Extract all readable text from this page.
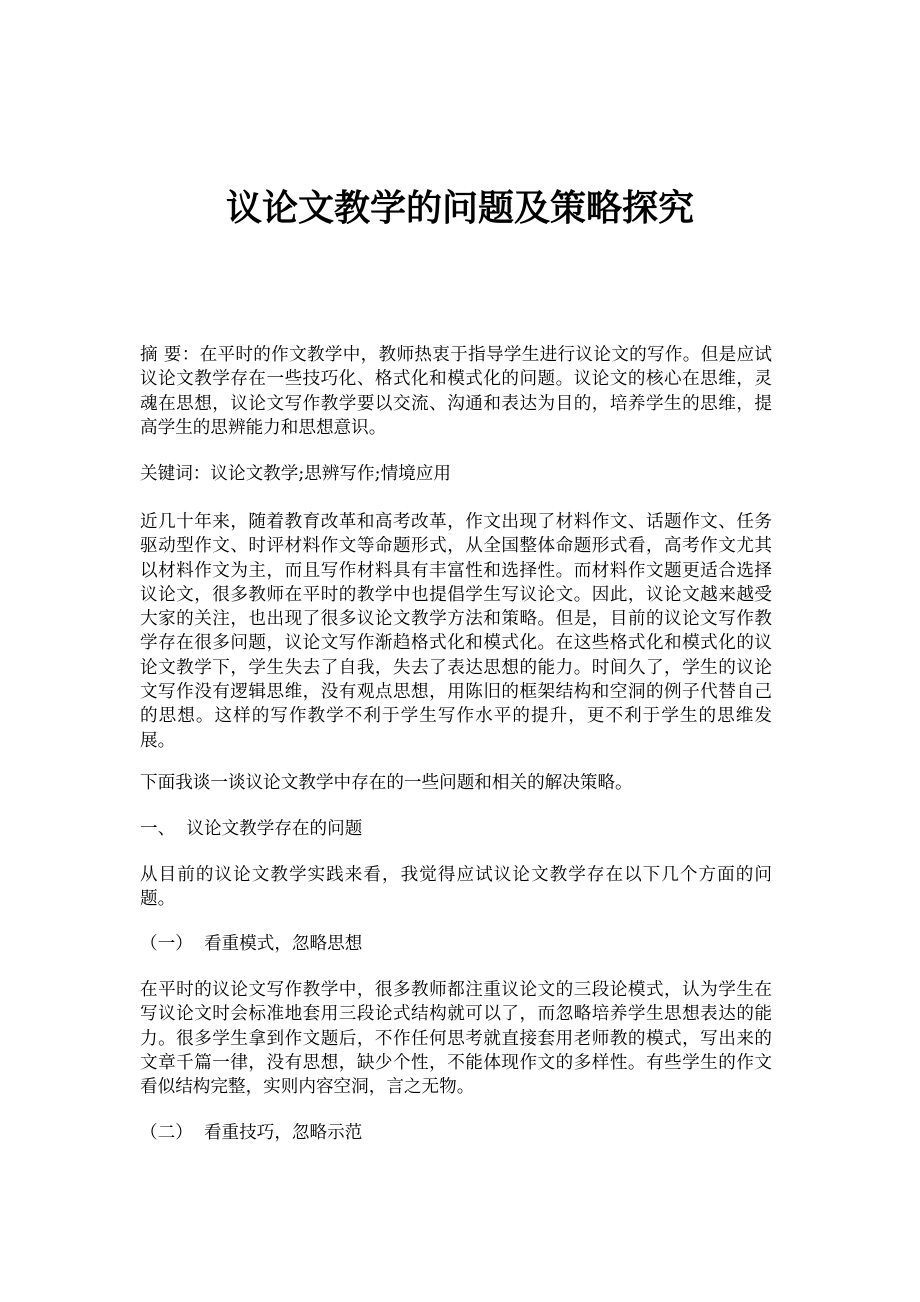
议论文教学的问题及策略探究
摘 要：在平时的作文教学中，教师热衷于指导学生进行议论文的写作。但是应试议论文教学存在一些技巧化、格式化和模式化的问题。议论文的核心在思维，灵魂在思想，议论文写作教学要以交流、沟通和表达为目的，培养学生的思维，提高学生的思辨能力和思想意识。
关键词：议论文教学;思辨写作;情境应用
近几十年来，随着教育改革和高考改革，作文出现了材料作文、话题作文、任务驱动型作文、时评材料作文等命题形式，从全国整体命题形式看，高考作文尤其以材料作文为主，而且写作材料具有丰富性和选择性。而材料作文题更适合选择议论文，很多教师在平时的教学中也提倡学生写议论文。因此，议论文越来越受大家的关注，也出现了很多议论文教学方法和策略。但是，目前的议论文写作教学存在很多问题，议论文写作渐趋格式化和模式化。在这些格式化和模式化的议论文教学下，学生失去了自我，失去了表达思想的能力。时间久了，学生的议论文写作没有逻辑思维，没有观点思想，用陈旧的框架结构和空洞的例子代替自己的思想。这样的写作教学不利于学生写作水平的提升，更不利于学生的思维发展。
下面我谈一谈议论文教学中存在的一些问题和相关的解决策略。
一、  议论文教学存在的问题
从目前的议论文教学实践来看，我觉得应试议论文教学存在以下几个方面的问题。
（一）  看重模式，忽略思想
在平时的议论文写作教学中，很多教师都注重议论文的三段论模式，认为学生在写议论文时会标准地套用三段论式结构就可以了，而忽略培养学生思想表达的能力。很多学生拿到作文题后，不作任何思考就直接套用老师教的模式，写出来的文章千篇一律，没有思想，缺少个性，不能体现作文的多样性。有些学生的作文看似结构完整，实则内容空洞，言之无物。
（二）  看重技巧，忽略示范
